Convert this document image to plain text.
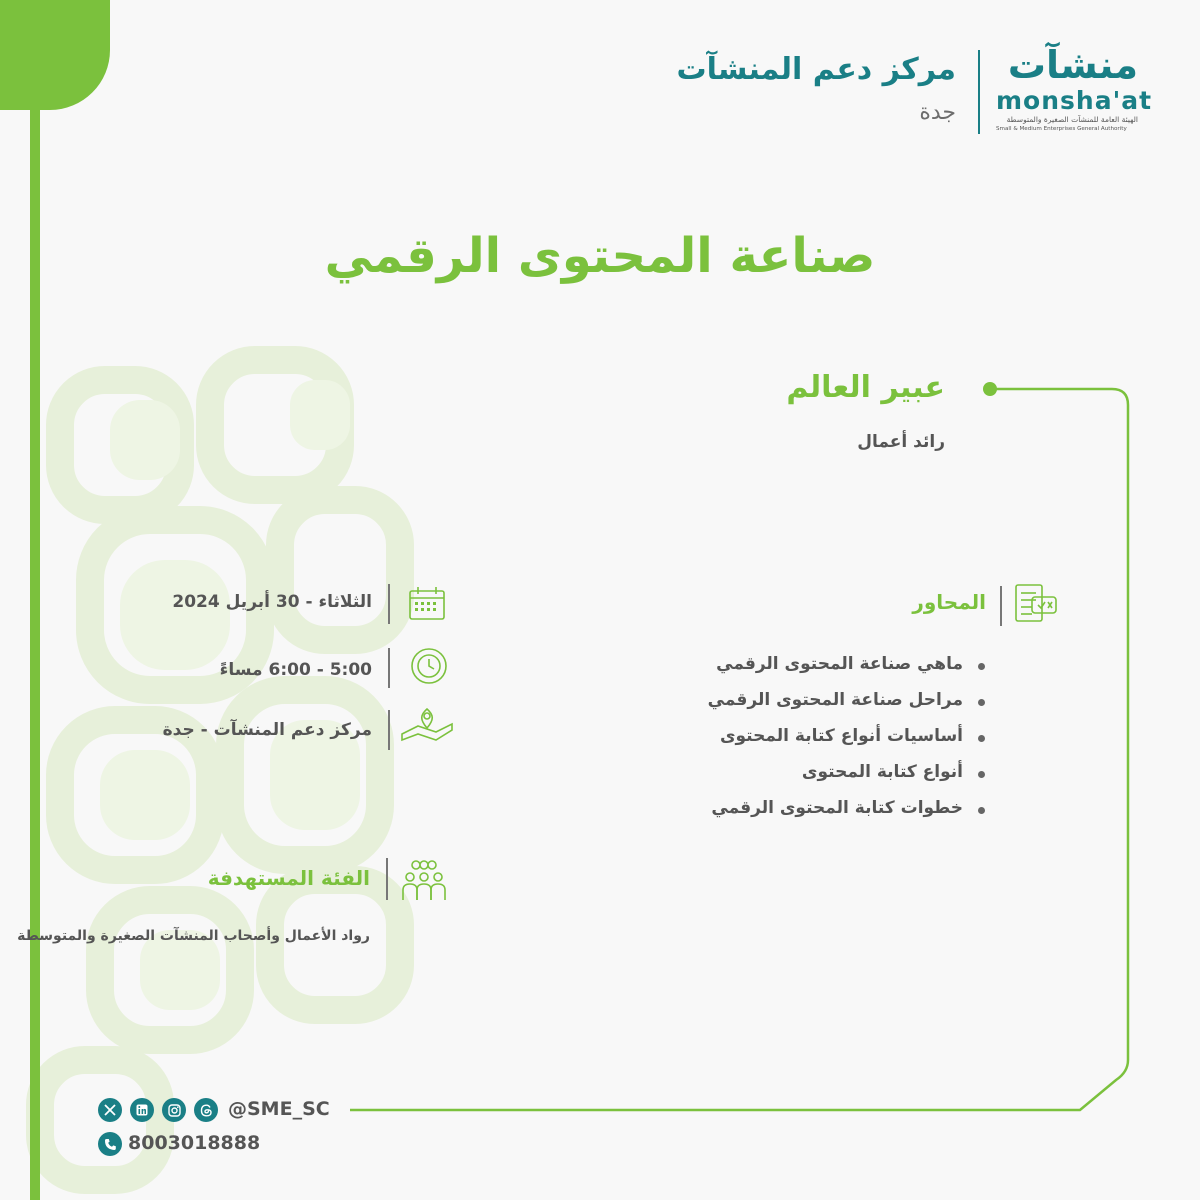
مركز دعم المنشآت
جدة
منشآت
monsha'at
الهيئة العامة للمنشآت الصغيرة والمتوسطة
Small & Medium Enterprises General Authority
صناعة المحتوى الرقمي
عبير العالم
رائد أعمال
المحاور
ماهي صناعة المحتوى الرقمي
مراحل صناعة المحتوى الرقمي
أساسيات أنواع كتابة المحتوى
أنواع كتابة المحتوى
خطوات كتابة المحتوى الرقمي
الثلاثاء - 30 أبريل 2024
5:00 - 6:00 مساءً
مركز دعم المنشآت - جدة
الفئة المستهدفة
رواد الأعمال وأصحاب المنشآت الصغيرة والمتوسطة
@SME_SC
8003018888
